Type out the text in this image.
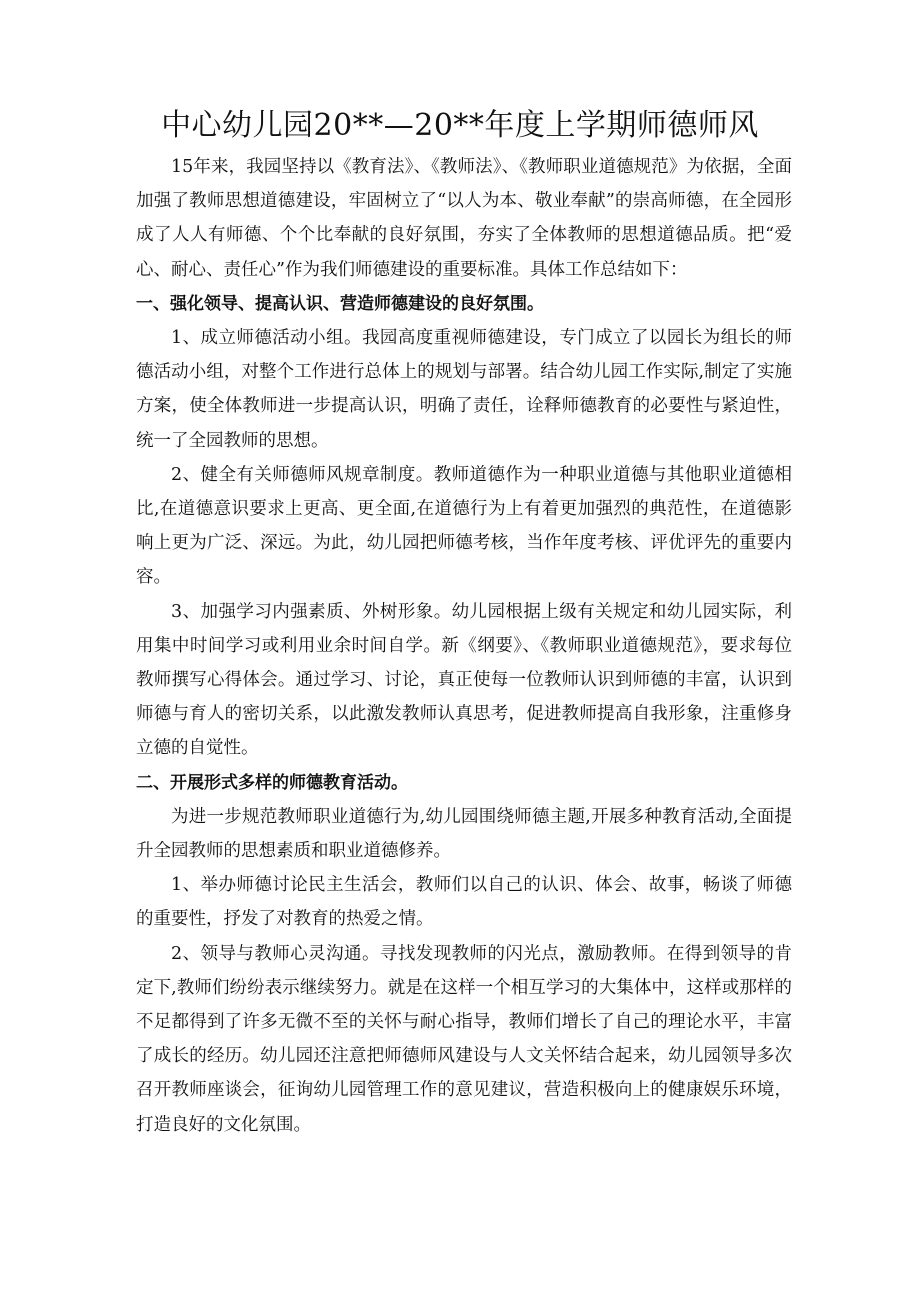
中心幼儿园20**—20**年度上学期师德师风

15年来，我园坚持以《教育法》、《教师法》、《教师职业道德规范》为依据，全面加强了教师思想道德建设，牢固树立了“以人为本、敬业奉献”的崇高师德，在全园形成了人人有师德、个个比奉献的良好氛围，夯实了全体教师的思想道德品质。把“爱心、耐心、责任心”作为我们师德建设的重要标准。具体工作总结如下：

一、强化领导、提高认识、营造师德建设的良好氛围。

1、成立师德活动小组。我园高度重视师德建设，专门成立了以园长为组长的师德活动小组，对整个工作进行总体上的规划与部署。结合幼儿园工作实际,制定了实施方案，使全体教师进一步提高认识，明确了责任，诠释师德教育的必要性与紧迫性，统一了全园教师的思想。

2、健全有关师德师风规章制度。教师道德作为一种职业道德与其他职业道德相比,在道德意识要求上更高、更全面,在道德行为上有着更加强烈的典范性，在道德影响上更为广泛、深远。为此，幼儿园把师德考核，当作年度考核、评优评先的重要内容。

3、加强学习内强素质、外树形象。幼儿园根据上级有关规定和幼儿园实际，利用集中时间学习或利用业余时间自学。新《纲要》、《教师职业道德规范》，要求每位教师撰写心得体会。通过学习、讨论，真正使每一位教师认识到师德的丰富，认识到师德与育人的密切关系，以此激发教师认真思考，促进教师提高自我形象，注重修身立德的自觉性。

二、开展形式多样的师德教育活动。

为进一步规范教师职业道德行为,幼儿园围绕师德主题,开展多种教育活动,全面提升全园教师的思想素质和职业道德修养。

1、举办师德讨论民主生活会，教师们以自己的认识、体会、故事，畅谈了师德的重要性，抒发了对教育的热爱之情。

2、领导与教师心灵沟通。寻找发现教师的闪光点，激励教师。在得到领导的肯定下,教师们纷纷表示继续努力。就是在这样一个相互学习的大集体中，这样或那样的不足都得到了许多无微不至的关怀与耐心指导，教师们增长了自己的理论水平，丰富了成长的经历。幼儿园还注意把师德师风建设与人文关怀结合起来，幼儿园领导多次召开教师座谈会，征询幼儿园管理工作的意见建议，营造积极向上的健康娱乐环境，打造良好的文化氛围。
